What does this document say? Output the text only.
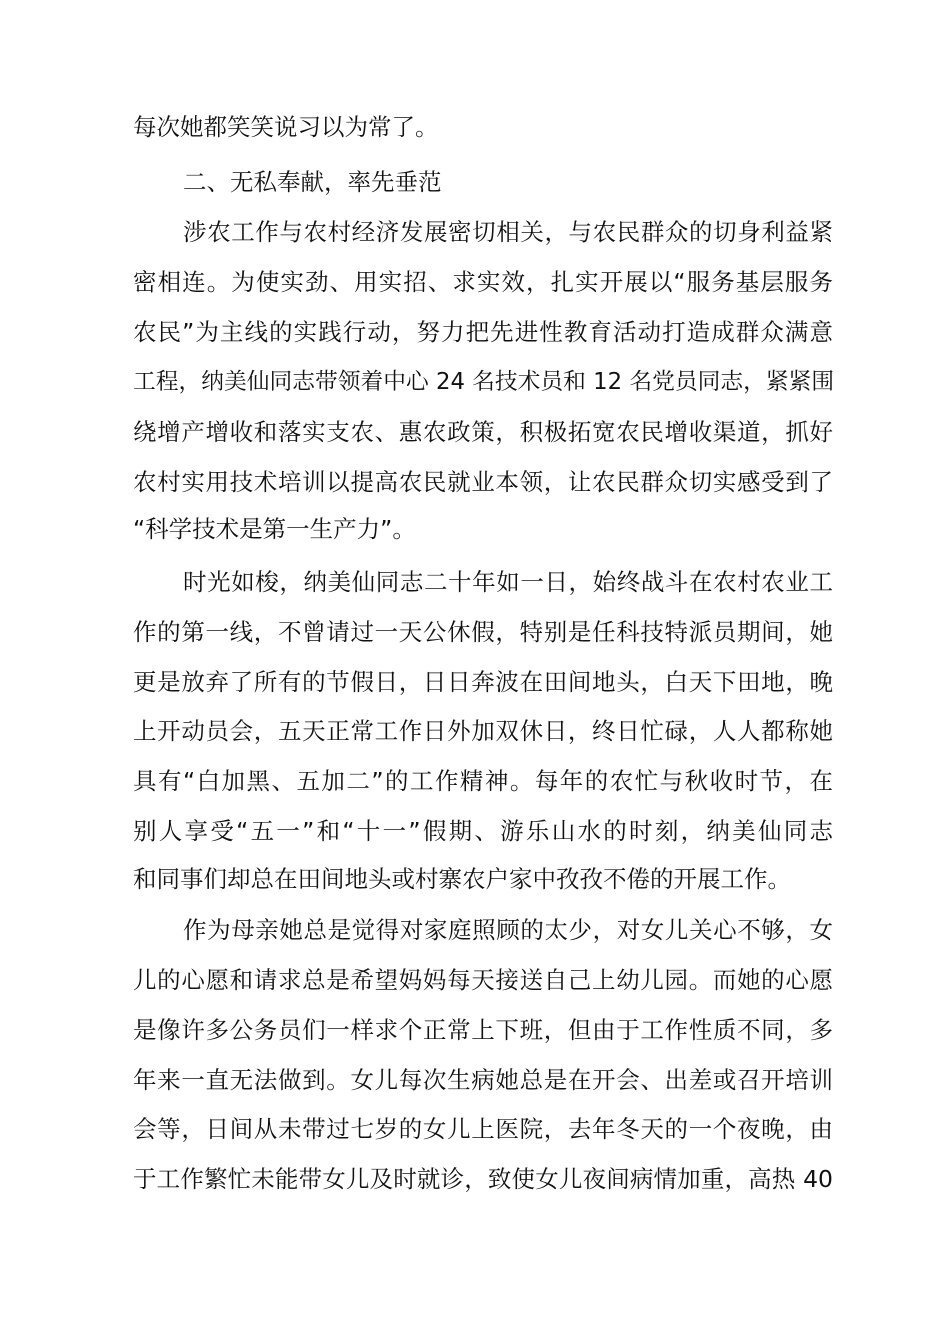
每次她都笑笑说习以为常了。
二、无私奉献，率先垂范
涉农工作与农村经济发展密切相关，与农民群众的切身利益紧
密相连。为使实劲、用实招、求实效，扎实开展以“服务基层服务
农民”为主线的实践行动，努力把先进性教育活动打造成群众满意
工程，纳美仙同志带领着中心 24 名技术员和 12 名党员同志，紧紧围
绕增产增收和落实支农、惠农政策，积极拓宽农民增收渠道，抓好
农村实用技术培训以提高农民就业本领，让农民群众切实感受到了
“科学技术是第一生产力”。
时光如梭，纳美仙同志二十年如一日，始终战斗在农村农业工
作的第一线，不曾请过一天公休假，特别是任科技特派员期间，她
更是放弃了所有的节假日，日日奔波在田间地头，白天下田地，晚
上开动员会，五天正常工作日外加双休日，终日忙碌，人人都称她
具有“白加黑、五加二”的工作精神。每年的农忙与秋收时节，在
别人享受“五一”和“十一”假期、游乐山水的时刻，纳美仙同志
和同事们却总在田间地头或村寨农户家中孜孜不倦的开展工作。
作为母亲她总是觉得对家庭照顾的太少，对女儿关心不够，女
儿的心愿和请求总是希望妈妈每天接送自己上幼儿园。而她的心愿
是像许多公务员们一样求个正常上下班，但由于工作性质不同，多
年来一直无法做到。女儿每次生病她总是在开会、出差或召开培训
会等，日间从未带过七岁的女儿上医院，去年冬天的一个夜晚，由
于工作繁忙未能带女儿及时就诊，致使女儿夜间病情加重，高热 40
